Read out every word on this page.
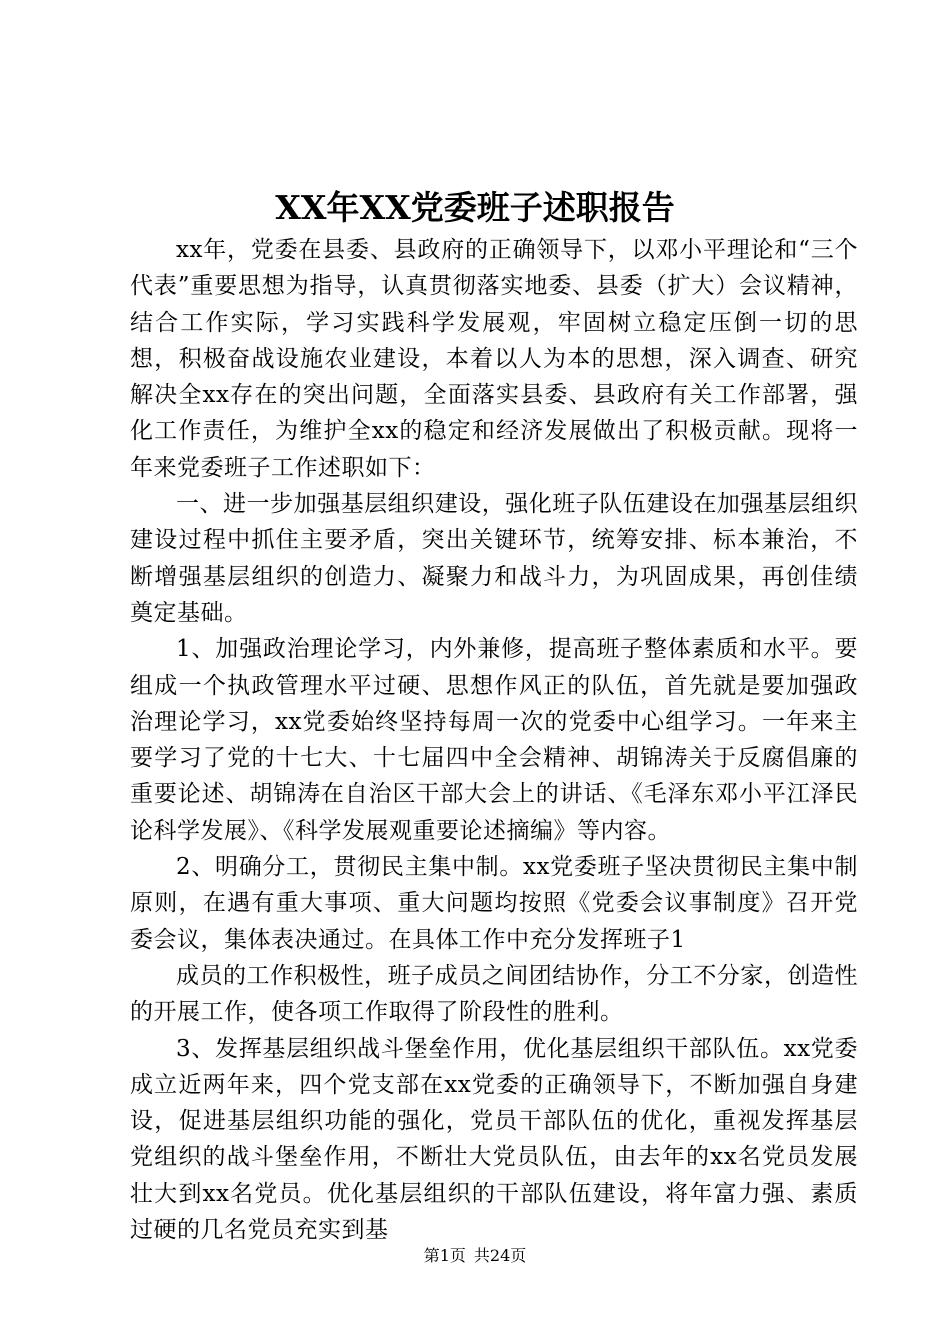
XX年XX党委班子述职报告

xx年，党委在县委、县政府的正确领导下，以邓小平理论和“三个代表”重要思想为指导，认真贯彻落实地委、县委（扩大）会议精神，结合工作实际，学习实践科学发展观，牢固树立稳定压倒一切的思想，积极奋战设施农业建设，本着以人为本的思想，深入调查、研究解决全xx存在的突出问题，全面落实县委、县政府有关工作部署，强化工作责任，为维护全xx的稳定和经济发展做出了积极贡献。现将一年来党委班子工作述职如下：

一、进一步加强基层组织建设，强化班子队伍建设在加强基层组织建设过程中抓住主要矛盾，突出关键环节，统筹安排、标本兼治，不断增强基层组织的创造力、凝聚力和战斗力，为巩固成果，再创佳绩奠定基础。

1、加强政治理论学习，内外兼修，提高班子整体素质和水平。要组成一个执政管理水平过硬、思想作风正的队伍，首先就是要加强政治理论学习，xx党委始终坚持每周一次的党委中心组学习。一年来主要学习了党的十七大、十七届四中全会精神、胡锦涛关于反腐倡廉的重要论述、胡锦涛在自治区干部大会上的讲话、《毛泽东邓小平江泽民论科学发展》、《科学发展观重要论述摘编》等内容。

2、明确分工，贯彻民主集中制。xx党委班子坚决贯彻民主集中制原则，在遇有重大事项、重大问题均按照《党委会议事制度》召开党委会议，集体表决通过。在具体工作中充分发挥班子1

成员的工作积极性，班子成员之间团结协作，分工不分家，创造性的开展工作，使各项工作取得了阶段性的胜利。

3、发挥基层组织战斗堡垒作用，优化基层组织干部队伍。xx党委成立近两年来，四个党支部在xx党委的正确领导下，不断加强自身建设，促进基层组织功能的强化，党员干部队伍的优化，重视发挥基层党组织的战斗堡垒作用，不断壮大党员队伍，由去年的xx名党员发展壮大到xx名党员。优化基层组织的干部队伍建设，将年富力强、素质过硬的几名党员充实到基

第1页 共24页
